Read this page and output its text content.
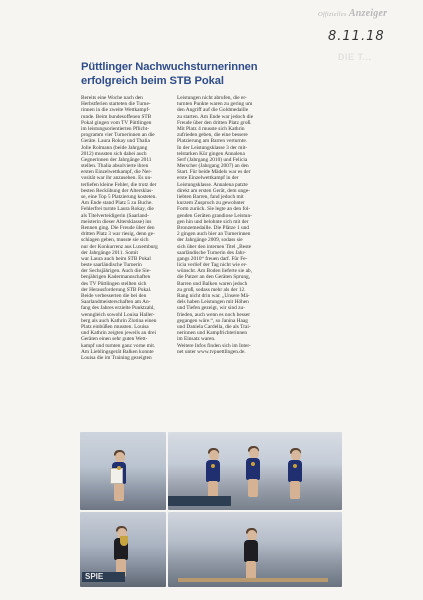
Offizielles Anzeiger
8.11.18
DIE T...
Püttlinger Nachwuchsturnerinnen
erfolgreich beim STB Pokal
Bereits eine Woche nach den
Herbstferien starteten die Turne-
rinnen in die zweite Wettkampf-
runde. Beim bundesoffenen STB
Pokal gingen vom TV Püttlingen
im leistungsorientierten Pflicht-
programm vier Turnerinnen an die
Geräte. Laura Rokay und Thalia
Jolie Rolmann (beide Jahrgang
2012) mussten sich dabei auch
Gegnerinnen der Jahrgänge 2011
stellen. Thalia absolvierte ihren
ersten Einzelwettkampf, die Ner-
vosität war ihr anzusehen. Es un-
terliefen kleine Fehler, die trotz der
besten Reckübung der Altersklas-
se, eine Top 5 Platzierung kosteten.
Am Ende stand Platz 5 zu Buche.
Fehlerfrei turnte Laura Rokay, die
als Titelverteidigerin (Saarland-
meisterin dieser Altersklasse) ins
Rennen ging. Die Freude über den
dritten Platz 3 war riesig, denn ge-
schlagen geben, musste sie sich
nur der Konkurrenz aus Luxemburg
der Jahrgänge 2011. Somit
war Laura auch beim STB Pokal
beste saarländische Turnerin
der Sechsjährigen. Auch die Sie-
benjährigen Kadermannschaften
des TV Püttlingen stellten sich
der Herausforderung STB Pokal.
Beide verbesserten die bei den
Saarlandmeisterschaften am An-
fang des Jahres erzielte Punktzahl,
wenngleich sowohl Louisa Haller-
berg als auch Kathrin Zlotina einen
Platz einbüßen mussten. Louisa
und Kathrin zeigten jeweils an drei
Geräten einen sehr guten Wett-
kampf und turnten ganz vorne mit.
Am Lieblingsgerät Balken konnte
Louisa die im Training gezeigten
Leistungen nicht abrufen, die er-
turnten Punkte waren zu gering um
den Angriff auf die Goldmedaille
zu starten. Am Ende war jedoch die
Freude über den dritten Platz groß.
Mit Platz 4 musste sich Kathrin
zufrieden geben, die eine bessere
Platzierung am Barren verturnte.
In der Leistungsklasse 3 der mit-
telstarken Kür gingen Annalena
Serf (Jahrgang 2010) und Felicia
Merscher (Jahrgang 2007) an den
Start. Für beide Mädels war es der
erste Einzelwettkampf in der
Leistungsklasse. Annalena patzte
direkt am ersten Gerät, dem unge-
liebten Barren, fand jedoch mit
kurzem Zuspruch zu gewohnter
Form zurück. Sie legte an den fol-
genden Geräten grandiose Leistun-
gen hin und belohnte sich mit der
Bronzemedaille. Die Plätze 1 und
2 gingen auch hier an Turnerinnen
der Jahrgänge 2009, sodass sie
sich über den internen Titel „Beste
saarländische Turnerin des Jahr-
gangs 2010“ freuen darf. Für Fe-
licia verlief der Tag nicht wie er-
wünscht. Am Boden lieferte sie ab,
die Patzer an den Geräten Sprung,
Barren und Balken waren jedoch
zu groß, sodass mehr als der 12.
Rang nicht drin war. „Unsere Mä-
dels haben Leistungen mit Höhen
und Tiefen gezeigt, wir sind zu-
frieden, auch wenn es noch besser
gegangen wäre.“, so Janina Haag
und Daniela Cardella, die als Trai-
nerinnen und Kampfrichterinnen
im Einsatz waren.
Weitere Infos finden sich im Inter-
net unter www.tvpuettlingen.de.
SPIE
